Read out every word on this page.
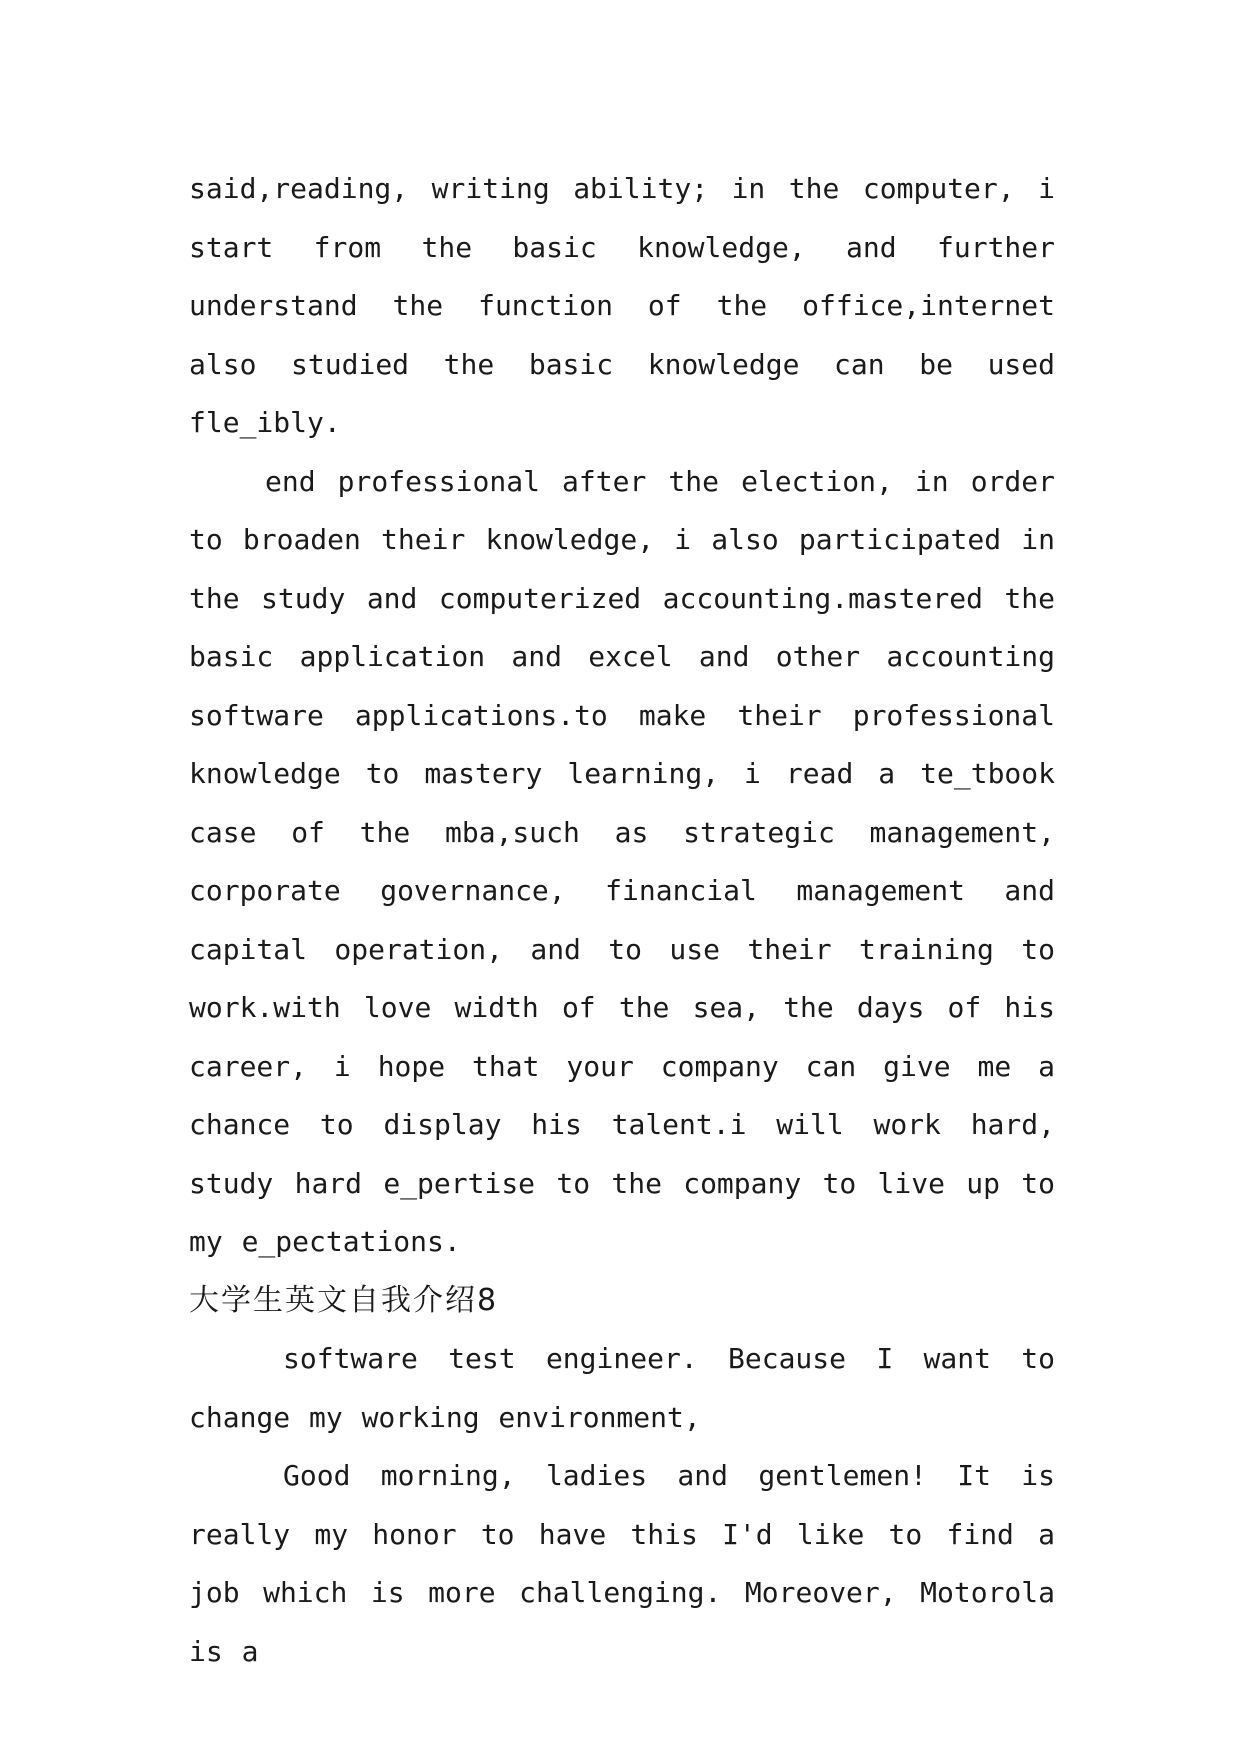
said,reading, writing ability; in the computer, i start from the basic knowledge, and further understand the function of the office,internet also studied the basic knowledge can be used fle_ibly.

end professional after the election, in order to broaden their knowledge, i also participated in the study and computerized accounting.mastered the basic application and excel and other accounting software applications.to make their professional knowledge to mastery learning, i read a te_tbook case of the mba,such as strategic management, corporate governance, financial management and capital operation, and to use their training to work.with love width of the sea, the days of his career, i hope that your company can give me a chance to display his talent.i will work hard, study hard e_pertise to the company to live up to my e_pectations.

大学生英文自我介绍8

software test engineer. Because I want to change my working environment,

Good morning, ladies and gentlemen! It is really my honor to have this I'd like to find a job which is more challenging. Moreover, Motorola is a
